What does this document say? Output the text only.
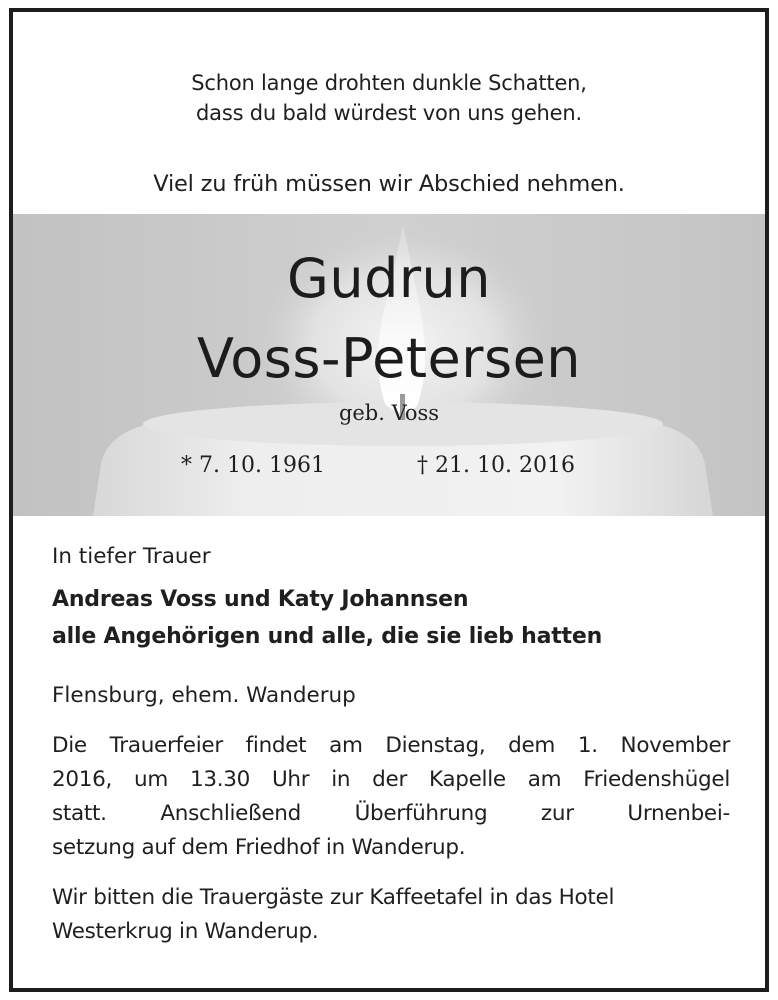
Schon lange drohten dunkle Schatten,
dass du bald würdest von uns gehen.
Viel zu früh müssen wir Abschied nehmen.
Gudrun
Voss-Petersen
geb. Voss
* 7. 10. 1961	† 21. 10. 2016
In tiefer Trauer
Andreas Voss und Katy Johannsen
alle Angehörigen und alle, die sie lieb hatten
Flensburg, ehem. Wanderup
Die Trauerfeier findet am Dienstag, dem 1. November
2016, um 13.30 Uhr in der Kapelle am Friedenshügel
statt. Anschließend Überführung zur Urnenbei-
setzung auf dem Friedhof in Wanderup.
Wir bitten die Trauergäste zur Kaffeetafel in das Hotel
Westerkrug in Wanderup.
